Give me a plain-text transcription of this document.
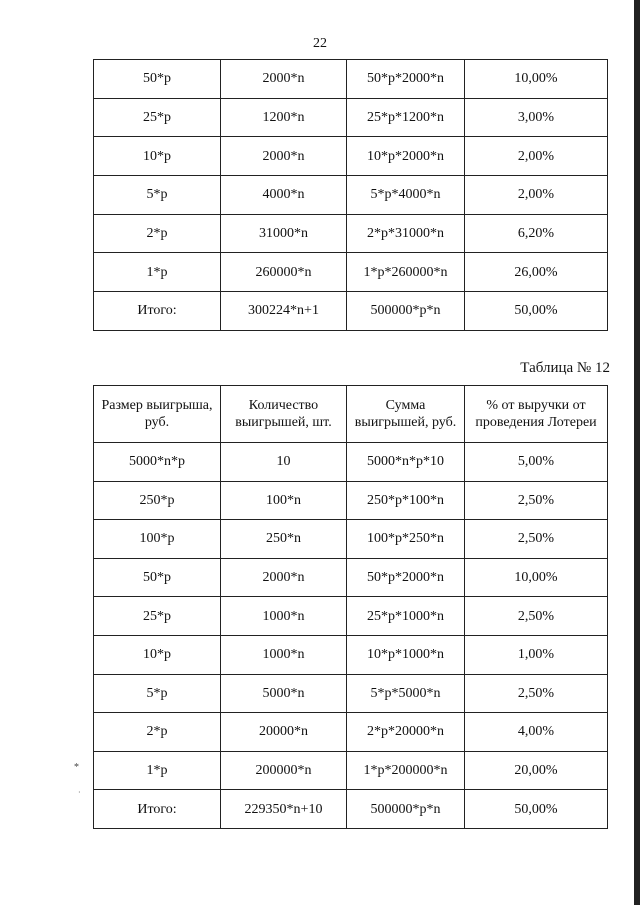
22
50*р	2000*n	50*р*2000*n	10,00%
25*р	1200*n	25*р*1200*n	3,00%
10*р	2000*n	10*р*2000*n	2,00%
5*р	4000*n	5*р*4000*n	2,00%
2*р	31000*n	2*р*31000*n	6,20%
1*р	260000*n	1*р*260000*n	26,00%
Итого:	300224*n+1	500000*р*n	50,00%
Таблица № 12
Размер выигрыша, руб.	Количество выигрышей, шт.	Сумма выигрышей, руб.	% от выручки от проведения Лотереи
5000*n*р	10	5000*n*р*10	5,00%
250*р	100*n	250*р*100*n	2,50%
100*р	250*n	100*р*250*n	2,50%
50*р	2000*n	50*р*2000*n	10,00%
25*р	1000*n	25*р*1000*n	2,50%
10*р	1000*n	10*р*1000*n	1,00%
5*р	5000*n	5*р*5000*n	2,50%
2*р	20000*n	2*р*20000*n	4,00%
1*р	200000*n	1*р*200000*n	20,00%
Итого:	229350*n+10	500000*р*n	50,00%
*
·
